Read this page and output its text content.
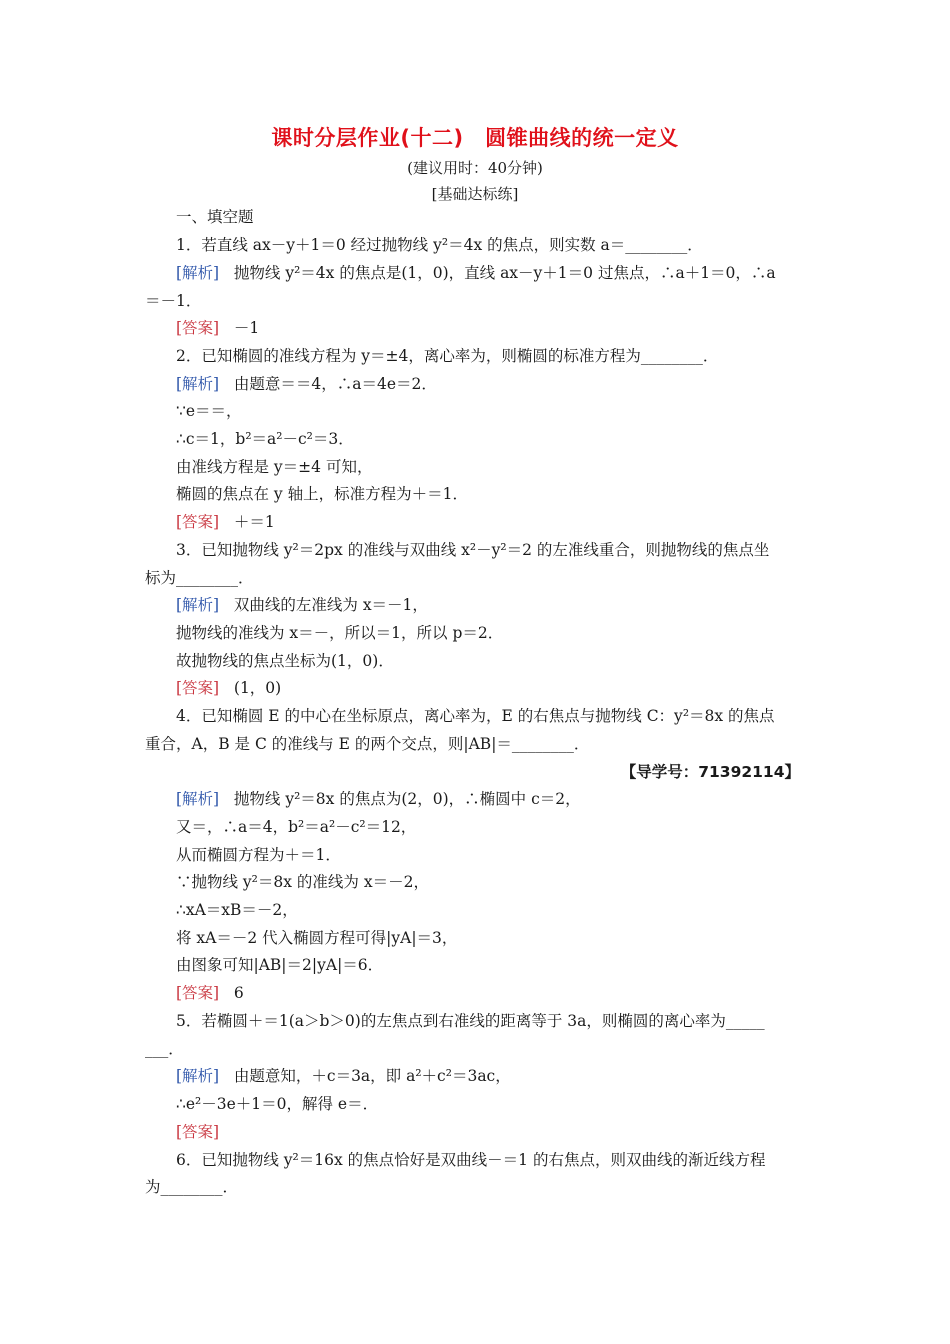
课时分层作业(十二)　圆锥曲线的统一定义
(建议用时：40分钟)
[基础达标练]
一、填空题
1．若直线 ax－y＋1＝0 经过抛物线 y²＝4x 的焦点，则实数 a＝________．
[解析] 抛物线 y²＝4x 的焦点是(1，0)，直线 ax－y＋1＝0 过焦点，∴a＋1＝0，∴a
＝－1．
[答案] －1
2．已知椭圆的准线方程为 y＝±4，离心率为，则椭圆的标准方程为________．
[解析] 由题意＝＝4，∴a＝4e＝2．
∵e＝＝，
∴c＝1，b²＝a²－c²＝3．
由准线方程是 y＝±4 可知，
椭圆的焦点在 y 轴上，标准方程为＋＝1．
[答案] ＋＝1
3．已知抛物线 y²＝2px 的准线与双曲线 x²－y²＝2 的左准线重合，则抛物线的焦点坐
标为________．
[解析] 双曲线的左准线为 x＝－1，
抛物线的准线为 x＝－，所以＝1，所以 p＝2．
故抛物线的焦点坐标为(1，0)．
[答案] (1，0)
4．已知椭圆 E 的中心在坐标原点，离心率为，E 的右焦点与抛物线 C：y²＝8x 的焦点
重合，A，B 是 C 的准线与 E 的两个交点，则|AB|＝________．
【导学号：71392114】
[解析] 抛物线 y²＝8x 的焦点为(2，0)，∴椭圆中 c＝2，
又＝，∴a＝4，b²＝a²－c²＝12，
从而椭圆方程为＋＝1．
∵抛物线 y²＝8x 的准线为 x＝－2，
∴xA＝xB＝－2，
将 xA＝－2 代入椭圆方程可得|yA|＝3，
由图象可知|AB|＝2|yA|＝6．
[答案] 6
5．若椭圆＋＝1(a＞b＞0)的左焦点到右准线的距离等于 3a，则椭圆的离心率为_____
___．
[解析] 由题意知，＋c＝3a，即 a²＋c²＝3ac，
∴e²－3e＋1＝0，解得 e＝．
[答案]
6．已知抛物线 y²＝16x 的焦点恰好是双曲线－＝1 的右焦点，则双曲线的渐近线方程
为________．
